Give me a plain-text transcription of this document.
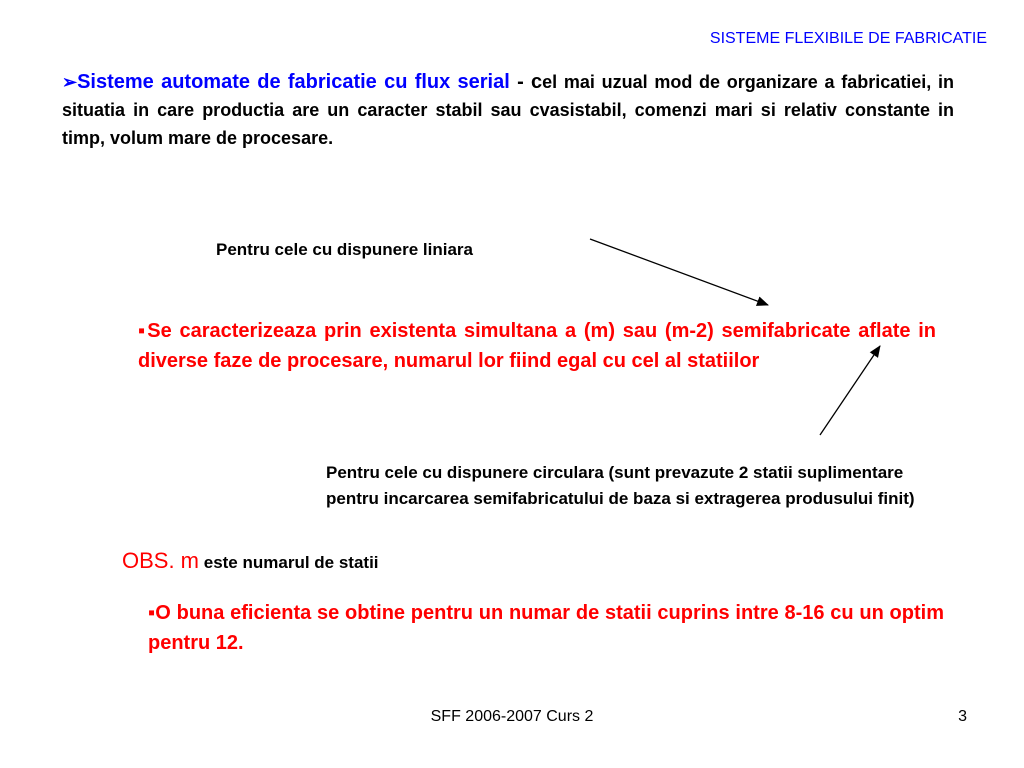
SISTEME FLEXIBILE DE FABRICATIE
➢Sisteme automate de fabricatie cu flux serial - cel mai uzual mod de organizare a fabricatiei, in situatia in care productia are un caracter stabil sau cvasistabil, comenzi mari si relativ constante in timp, volum mare de procesare.
Pentru cele cu dispunere liniara
▪Se caracterizeaza prin existenta simultana a (m) sau (m-2) semifabricate aflate in diverse faze de procesare, numarul lor fiind egal cu cel al statiilor
Pentru cele cu dispunere circulara (sunt prevazute 2 statii suplimentare pentru incarcarea semifabricatului de baza si extragerea produsului finit)
OBS. m este numarul de statii
▪O buna eficienta se obtine pentru un numar de statii cuprins intre 8-16 cu un optim pentru 12.
SFF 2006-2007 Curs 2	3
